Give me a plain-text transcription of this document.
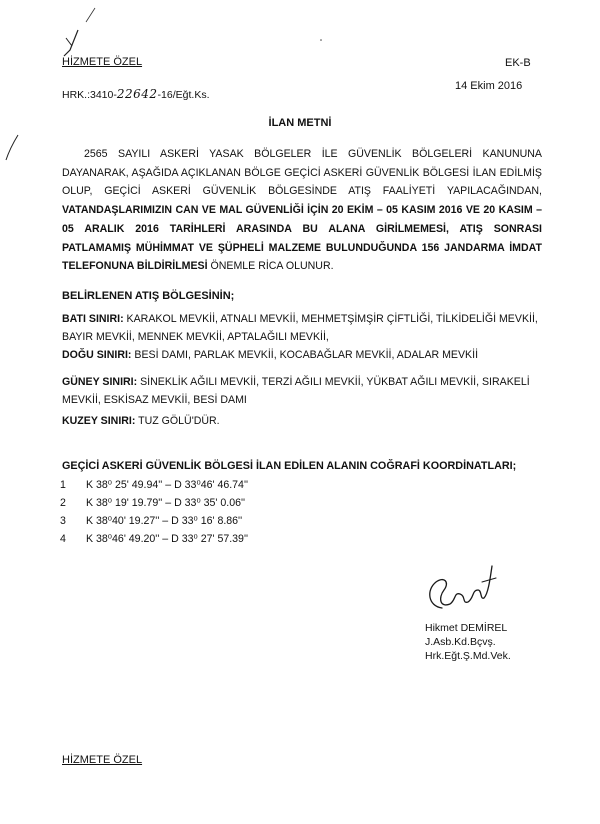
HİZMETE ÖZEL	EK-B
HRK.:3410-22642-16/Eğt.Ks.
14 Ekim 2016
İLAN METNİ
2565 SAYILI ASKERİ YASAK BÖLGELER İLE GÜVENLİK BÖLGELERİ KANUNUNA DAYANARAK, AŞAĞIDA AÇIKLANAN BÖLGE GEÇİCİ ASKERİ GÜVENLİK BÖLGESİ İLAN EDİLMİŞ OLUP, GEÇİCİ ASKERİ GÜVENLİK BÖLGESİNDE ATIŞ FAALİYETİ YAPILACAĞINDAN, VATANDAŞLARIMIZIN CAN VE MAL GÜVENLİĞİ İÇİN 20 EKİM – 05 KASIM 2016 VE 20 KASIM – 05 ARALIK 2016 TARİHLERİ ARASINDA BU ALANA GİRİLMEMESİ, ATIŞ SONRASI PATLAMAMIŞ MÜHİMMAT VE ŞÜPHELİ MALZEME BULUNDUĞUNDA 156 JANDARMA İMDAT TELEFONUNA BİLDİRİLMESİ ÖNEMLE RİCA OLUNUR.
BELİRLENEN ATIŞ BÖLGESİNİN;
BATI SINIRI: KARAKOL MEVKİİ, ATNALI MEVKİİ, MEHMETŞİMŞİR ÇİFTLİĞİ, TİLKİDELİĞİ MEVKİİ, BAYIR MEVKİİ, MENNEK MEVKİİ, APTALAĞILI MEVKİİ,
DOĞU SINIRI: BESİ DAMI, PARLAK MEVKİİ, KOCABAĞLAR MEVKİİ, ADALAR MEVKİİ
GÜNEY SINIRI: SİNEKLİK AĞILI MEVKİİ, TERZİ AĞILI MEVKİİ, YÜKBAT AĞILI MEVKİİ, SIRAKELİ MEVKİİ, ESKİSAZ MEVKİİ, BESİ DAMI
KUZEY SINIRI: TUZ GÖLÜ'DÜR.
GEÇİCİ ASKERİ GÜVENLİK BÖLGESİ İLAN EDİLEN ALANIN COĞRAFİ KOORDİNATLARI;
1 K 38⁰ 25' 49.94'' – D 33⁰46' 46.74''
2 K 38⁰ 19' 19.79'' – D 33⁰ 35' 0.06''
3 K 38⁰40' 19.27'' – D 33⁰ 16' 8.86''
4 K 38⁰46' 49.20'' – D 33⁰ 27' 57.39''
Hikmet DEMİREL
J.Asb.Kd.Bçvş.
Hrk.Eğt.Ş.Md.Vek.
HİZMETE ÖZEL
